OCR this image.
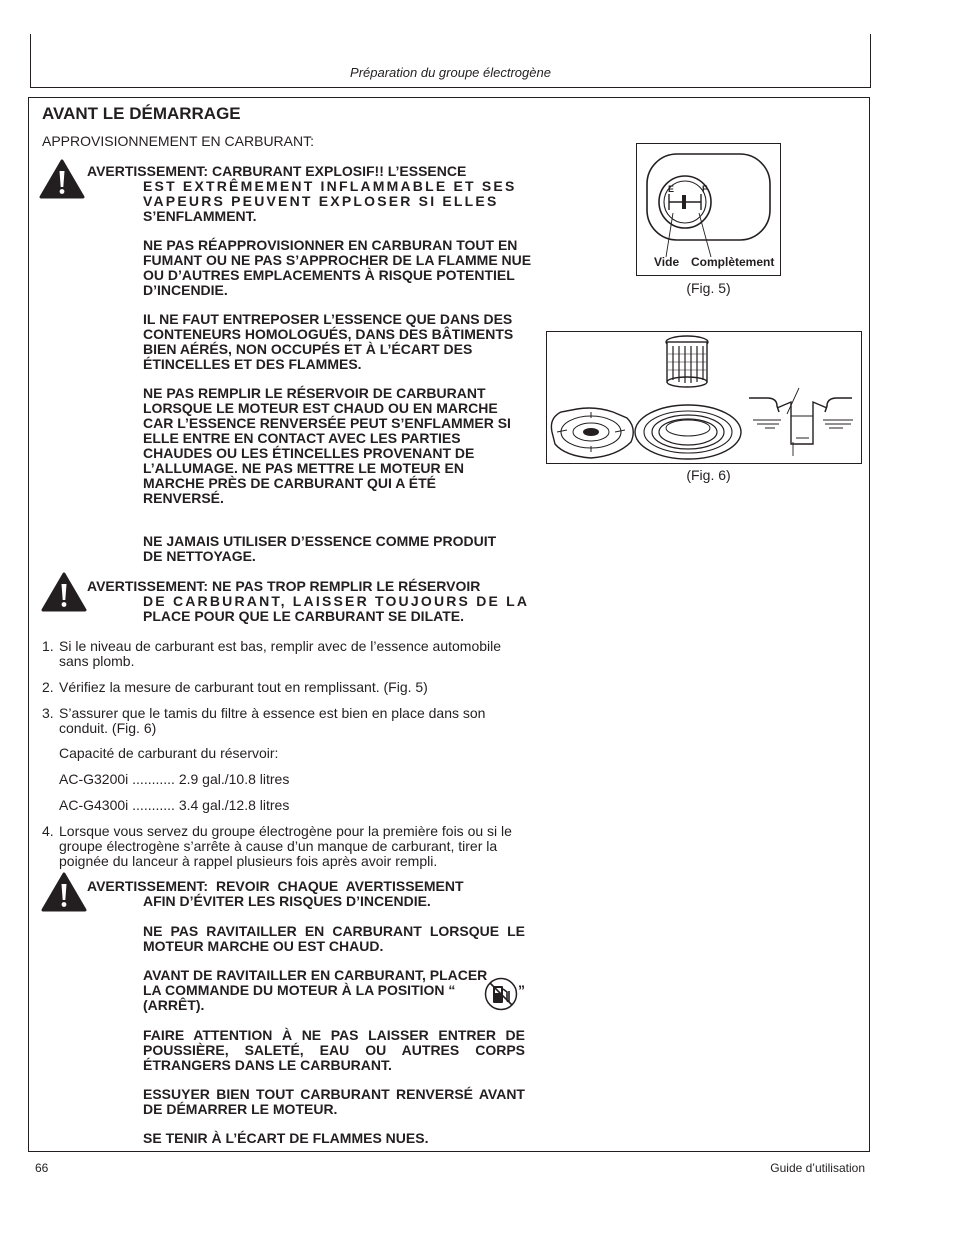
Préparation du groupe électrogène
AVANT LE DÉMARRAGE
APPROVISIONNEMENT EN CARBURANT:
AVERTISSEMENT: CARBURANT EXPLOSIF!! L’ESSENCE
EST EXTRÊMEMENT INFLAMMABLE ET SES
VAPEURS PEUVENT EXPLOSER SI ELLES
S’ENFLAMMENT.
NE PAS RÉAPPROVISIONNER EN CARBURAN TOUT EN FUMANT OU NE PAS S’APPROCHER DE LA FLAMME NUE OU D’AUTRES EMPLACEMENTS À RISQUE POTENTIEL D’INCENDIE.
IL NE FAUT ENTREPOSER L’ESSENCE QUE DANS DES CONTENEURS HOMOLOGUÉS, DANS DES BÂTIMENTS BIEN AÉRÉS, NON OCCUPÉS ET À L’ÉCART DES ÉTINCELLES ET DES FLAMMES.
NE PAS REMPLIR LE RÉSERVOIR DE CARBURANT LORSQUE LE MOTEUR EST CHAUD OU EN MARCHE CAR L’ESSENCE RENVERSÉE PEUT S’ENFLAMMER SI ELLE ENTRE EN CONTACT AVEC LES PARTIES CHAUDES OU LES ÉTINCELLES PROVENANT DE L’ALLUMAGE. NE PAS METTRE LE MOTEUR EN MARCHE PRÈS DE CARBURANT QUI A ÉTÉ RENVERSÉ.
NE JAMAIS UTILISER D’ESSENCE COMME PRODUIT DE NETTOYAGE.
AVERTISSEMENT: NE PAS TROP REMPLIR LE RÉSERVOIR
DE CARBURANT, LAISSER TOUJOURS DE LA
PLACE POUR QUE LE CARBURANT SE DILATE.
1. Si le niveau de carburant est bas, remplir avec de l’essence automobile sans plomb.
2. Vérifiez la mesure de carburant tout en remplissant. (Fig. 5)
3. S’assurer que le tamis du filtre à essence est bien en place dans son conduit. (Fig. 6)
Capacité de carburant du réservoir:
AC-G3200i ........... 2.9 gal./10.8 litres
AC-G4300i ........... 3.4 gal./12.8 litres
4. Lorsque vous servez du groupe électrogène pour la première fois ou si le groupe électrogène s’arrête à cause d’un manque de carburant, tirer la poignée du lanceur à rappel plusieurs fois après avoir rempli.
AVERTISSEMENT: REVOIR CHAQUE AVERTISSEMENT
AFIN D’ÉVITER LES RISQUES D’INCENDIE.
NE PAS RAVITAILLER EN CARBURANT LORSQUE LE MOTEUR MARCHE OU EST CHAUD.
AVANT DE RAVITAILLER EN CARBURANT, PLACER
LA COMMANDE DU MOTEUR À LA POSITION “	”
(ARRÊT).
FAIRE ATTENTION À NE PAS LAISSER ENTRER DE POUSSIÈRE, SALETÉ, EAU OU AUTRES CORPS ÉTRANGERS DANS LE CARBURANT.
ESSUYER BIEN TOUT CARBURANT RENVERSÉ AVANT DE DÉMARRER LE MOTEUR.
SE TENIR À L’ÉCART DE FLAMMES NUES.
E	F
Vide Complètement
(Fig. 5)
(Fig. 6)
66	Guide d’utilisation
